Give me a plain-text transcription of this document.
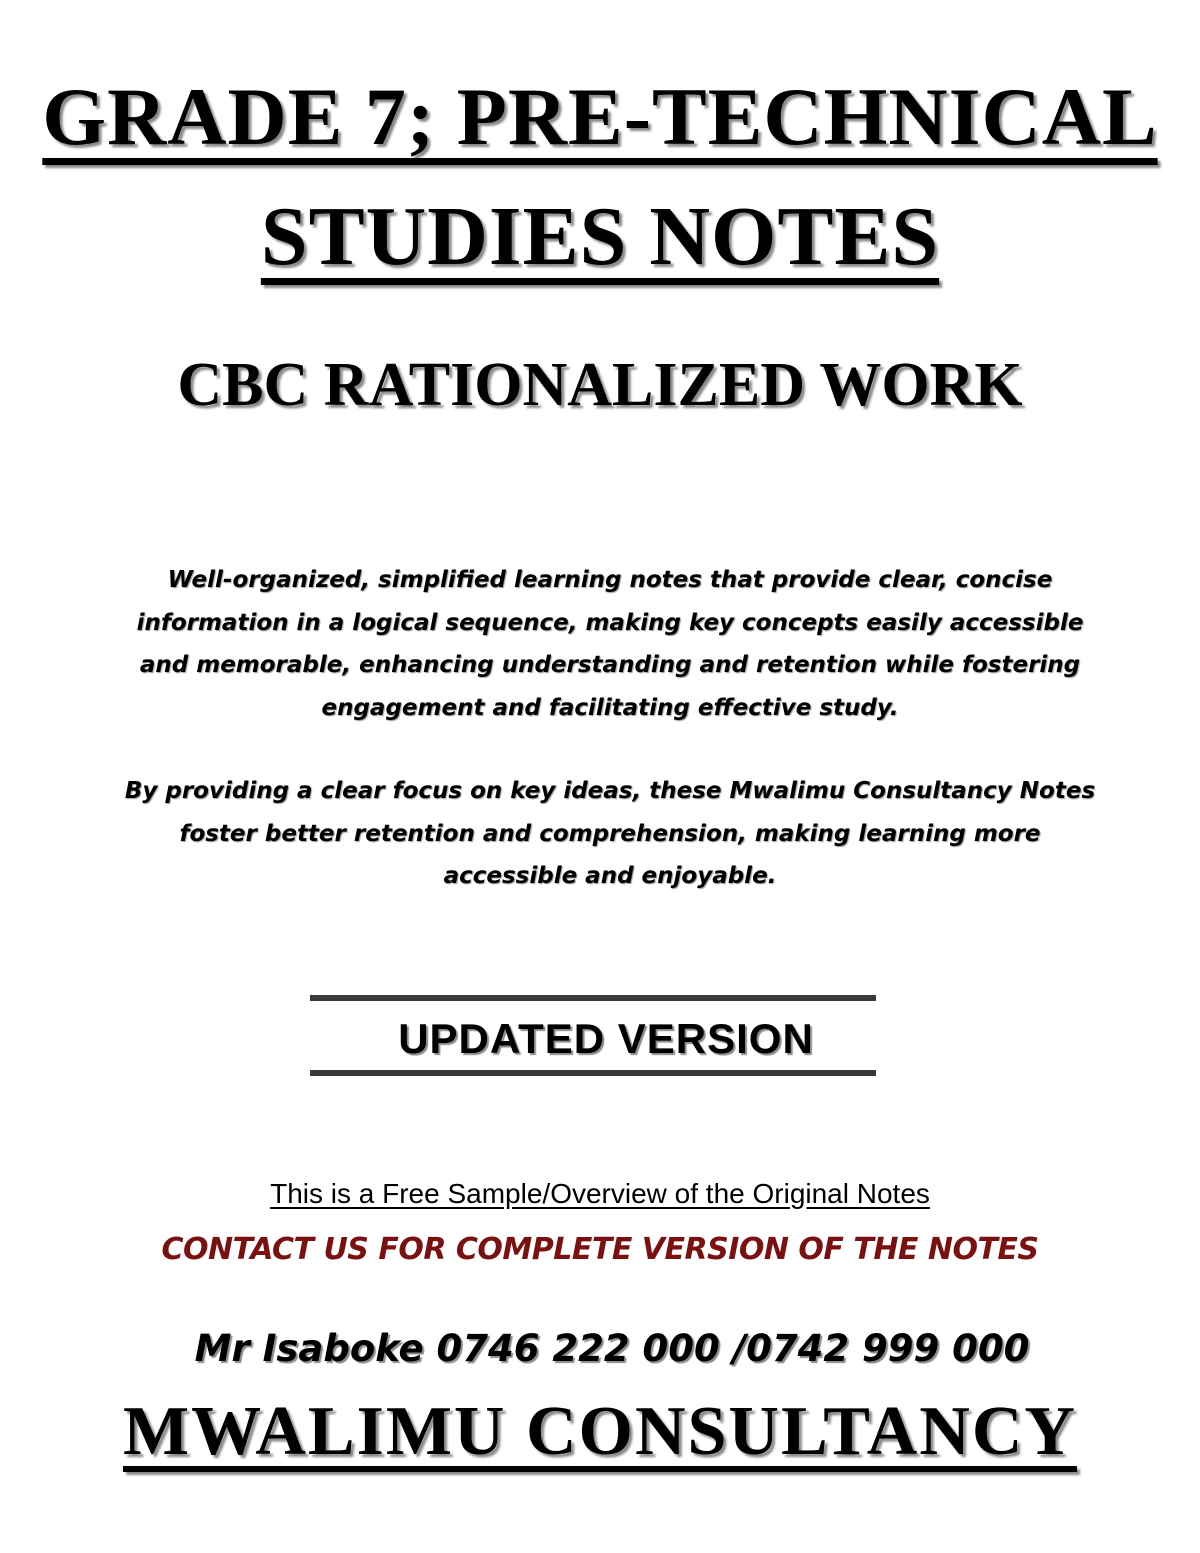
GRADE 7; PRE-TECHNICAL
STUDIES NOTES
CBC RATIONALIZED WORK
Well-organized, simplified learning notes that provide clear, concise information in a logical sequence, making key concepts easily accessible and memorable, enhancing understanding and retention while fostering engagement and facilitating effective study.
By providing a clear focus on key ideas, these Mwalimu Consultancy Notes foster better retention and comprehension, making learning more accessible and enjoyable.
UPDATED VERSION
This is a Free Sample/Overview of the Original Notes
CONTACT US FOR COMPLETE VERSION OF THE NOTES
Mr Isaboke 0746 222 000 /0742 999 000
MWALIMU CONSULTANCY
